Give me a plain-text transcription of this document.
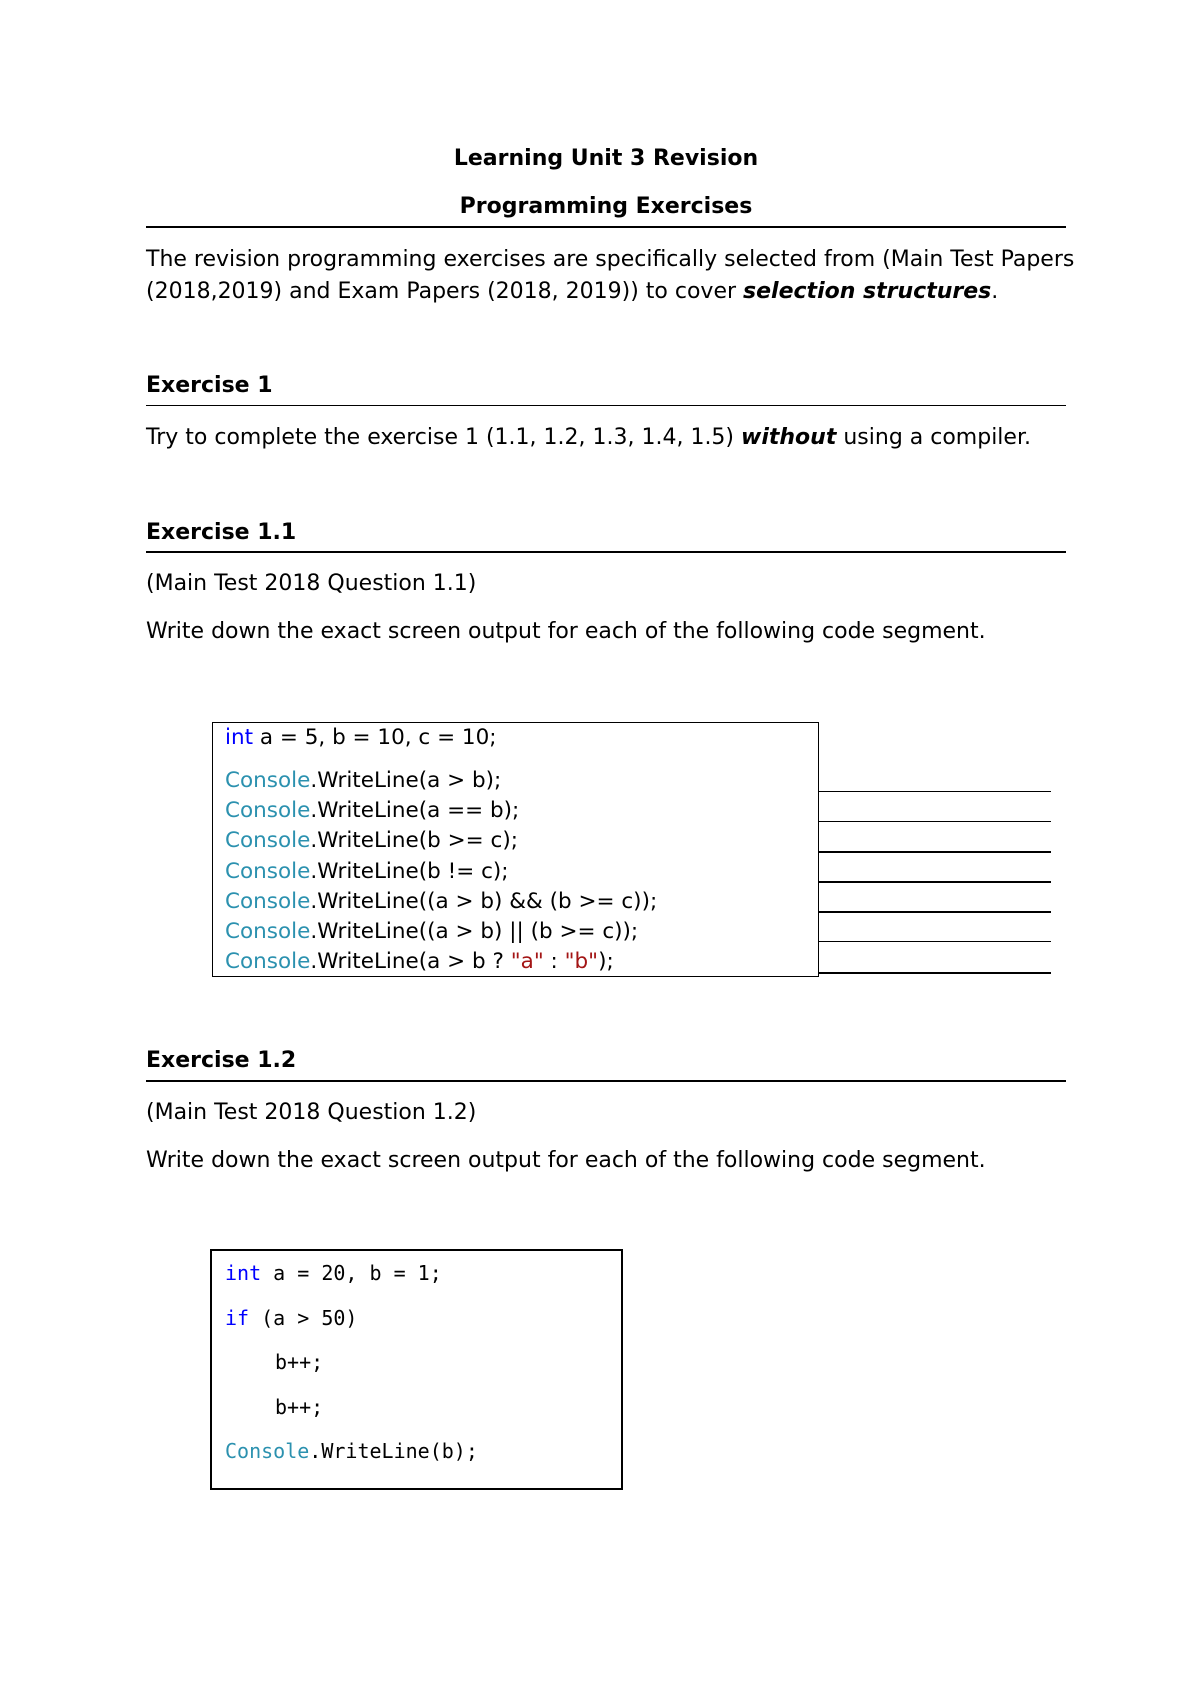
Learning Unit 3 Revision
Programming Exercises

The revision programming exercises are specifically selected from (Main Test Papers (2018,2019) and Exam Papers (2018, 2019)) to cover selection structures.

Exercise 1

Try to complete the exercise 1 (1.1, 1.2, 1.3, 1.4, 1.5) without using a compiler.

Exercise 1.1

(Main Test 2018 Question 1.1)

Write down the exact screen output for each of the following code segment.

int a = 5, b = 10, c = 10;
Console.WriteLine(a > b);
Console.WriteLine(a == b);
Console.WriteLine(b >= c);
Console.WriteLine(b != c);
Console.WriteLine((a > b) && (b >= c));
Console.WriteLine((a > b) || (b >= c));
Console.WriteLine(a > b ? "a" : "b");
Exercise 1.2

(Main Test 2018 Question 1.2)

Write down the exact screen output for each of the following code segment.

int a = 20, b = 1;
if (a > 50)
b++;
b++;
Console.WriteLine(b);
